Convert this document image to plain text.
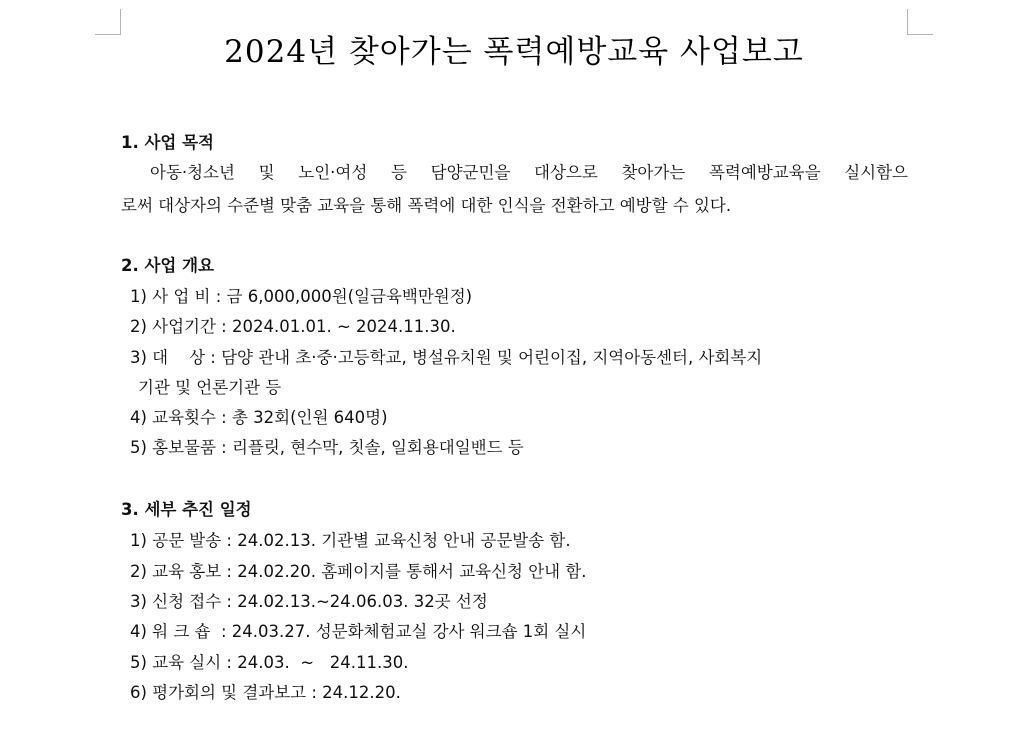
2024년 찾아가는 폭력예방교육 사업보고
1. 사업 목적
아동·청소년 및 노인·여성 등 담양군민을 대상으로 찾아가는 폭력예방교육을 실시함으
로써 대상자의 수준별 맞춤 교육을 통해 폭력에 대한 인식을 전환하고 예방할 수 있다.
2. 사업 개요
1) 사 업 비 : 금 6,000,000원(일금육백만원정)
2) 사업기간 : 2024.01.01. ~ 2024.11.30.
3) 대    상 : 담양 관내 초·중·고등학교, 병설유치원 및 어린이집, 지역아동센터, 사회복지
기관 및 언론기관 등
4) 교육횟수 : 총 32회(인원 640명)
5) 홍보물품 : 리플릿, 현수막, 칫솔, 일회용대일밴드 등
3. 세부 추진 일정
1) 공문 발송 : 24.02.13. 기관별 교육신청 안내 공문발송 함.
2) 교육 홍보 : 24.02.20. 홈페이지를 통해서 교육신청 안내 함.
3) 신청 접수 : 24.02.13.~24.06.03. 32곳 선정
4) 워 크 숍  : 24.03.27. 성문화체험교실 강사 워크숍 1회 실시
5) 교육 실시 : 24.03.  ~   24.11.30.
6) 평가회의 및 결과보고 : 24.12.20.
